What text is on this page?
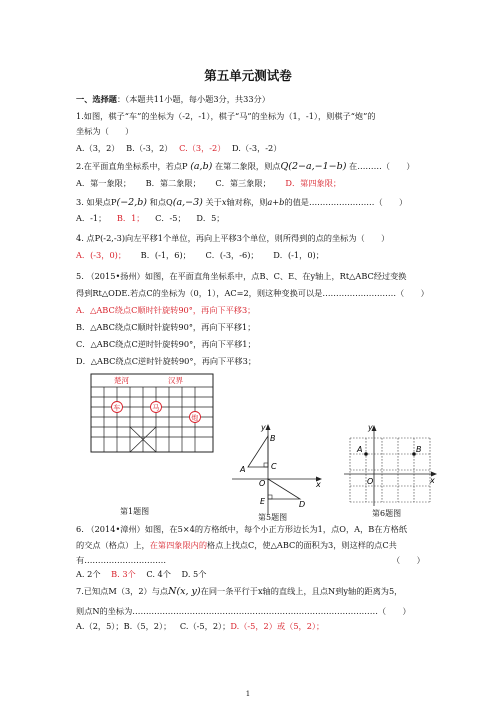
第五单元测试卷
一、选择题：（本题共11小题，每小题3分，共33分）
1.如图，棋子“车”的坐标为（-2，-1），棋子“马”的坐标为（1，-1），则棋子“炮”的
坐标为（　　）
A.（3，2） B.（-3，2） C.（3，-2） D.（-3，-2）
2.在平面直角坐标系中，若点P (a,b) 在第二象限，则点Q(2−a,−1−b) 在………（　　）
A．第一象限； B．第二象限； C．第三象限； D．第四象限；
3. 如果点P(−2,b) 和点Q(a,−3) 关于x轴对称，则a+b的值是……………………（　　）
A．-1； B．1； C．-5； D．5；
4. 点P(-2,-3)向左平移1个单位，再向上平移3个单位，则所得到的点的坐标为（　　）
A．(-3，0)； B．(-1，6)； C．(-3，-6)； D．(-1，0)；
5. （2015•扬州）如图，在平面直角坐标系中，点B、C、E、在y轴上，Rt△ABC经过变换
得到Rt△ODE.若点C的坐标为（0，1），AC=2，则这种变换可以是………………………（　　）
A．△ABC绕点C顺时针旋转90°，再向下平移3；
B．△ABC绕点C顺时针旋转90°，再向下平移1；
C．△ABC绕点C逆时针旋转90°，再向下平移1；
D．△ABC绕点C逆时针旋转90°，再向下平移3；
楚河	汉界
车	马
炮
第1题图
y
x
B
A	C
O
E	D
第5题图
y
x
A	B
O
第6题图
6. （2014•漳州）如图，在5×4的方格纸中，每个小正方形边长为1，点O，A，B在方格纸
的交点（格点）上，在第四象限内的格点上找点C，使△ABC的面积为3，则这样的点C共
有…………………………	（　　）
A. 2个 B. 3个 C. 4个 D. 5个
7.已知点M（3，2）与点N(x, y)在同一条平行于x轴的直线上，且点N到y轴的距离为5，
则点N的坐标为………………………………………………………………………………（　　）
A.（2，5）；B.（5，2）； C.（-5，2）；D.（-5，2）或（5，2）；
1
